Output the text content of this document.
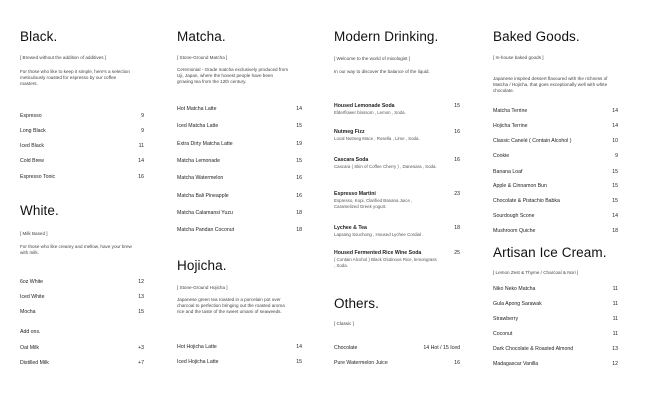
Black.
[ Brewed without the addition of additives ]
For those who like to keep it simple, here's a selection meticulously roasted for espresso by our coffee roasters.
Espresso	9
Long Black	9
Iced Black	11
Cold Brew	14
Espresso Tonic	16
White.
[ Milk Based ]
For those who like creamy and mellow, have your brew with milk.
6oz White	12
Iced White	13
Mocha	15
Add ons.
Oat Milk	+3
Distilled Milk	+7
Matcha.
[ Stone-Ground Matcha ]
Ceremonial - Grade matcha exclusively produced from Uji, Japan, where the honest people have been growing tea from the 12th century.
Hot Matcha Latte	14
Iced Matcha Latte	15
Extra Dirty Matcha Latte	19
Matcha Lemonade	15
Matcha Watermelon	16
Matcha Bali Pineapple	16
Matcha Calamansi Yuzu	18
Matcha Pandan Coconut	18
Hojicha.
[ Stone-Ground Hojicha ]
Japanese green tea roasted in a porcelain pot over charcoal to perfection bringing out the roasted aroma rice and the taste of the sweet umami of seaweeds.
Hot Hojicha Latte	14
Iced Hojicha Latte	15
Modern Drinking.
[ Welcome to the world of mixologist ]
In our way to discover the balance of the liquid.
Housed Lemonade Soda	15
Elderflower blossom , Lemon , Soda.
Nutmeg Fizz	16
Local Nutmeg Mace , Rosella , Lime , Soda.
Cascara Soda	16
Cascara ( Skin of Coffee Cherry ) , Danesara , Soda.
Espresso Martini	23
Espresso, Kopi, Clarified Banana Juice , Caramelized Greek yogurt.
Lychee & Tea	18
Lapsang Souchong , Housed Lychee Cordial .
Housed Fermented Rice Wine Soda	25
( Contain Alcohol ) Black Glutinous Rice, lemongrass , Soda.
Others.
[ Classic ]
Chocolate	14 Hot / 15 Iced
Pure Watermelon Juice	16
Baked Goods.
[ In-house baked goods ]
Japanese inspired dessert flavoured with the richness of Matcha / Hojicha, that goes exceptionally well with white chocolate.
Matcha Terrine	14
Hojicha Terrine	14
Classic Canelé ( Contain Alcohol )	10
Cookie	9
Banana Loaf	15
Apple & Cinnamon Bun	15
Chocolate & Pistachio Babka	15
Sourdough Scone	14
Mushroom Quiche	18
Artisan Ice Cream.
[ Lemon Zest & Thyme / Charcoal & Nori ]
Niko Neko Matcha	11
Gula Apong Sarawak	11
Strawberry	11
Coconut	11
Dark Chocolate & Roasted Almond	13
Madagascar Vanilla	12
